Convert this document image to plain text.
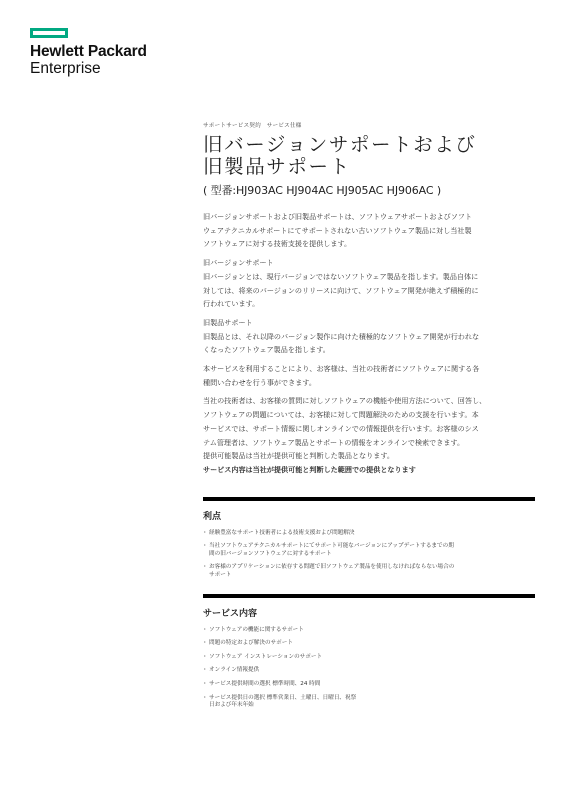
Hewlett Packard
Enterprise
サポートサービス契約　サービス仕様
旧バージョンサポートおよび
旧製品サポート
( 型番:HJ903AC HJ904AC HJ905AC HJ906AC )

旧バージョンサポートおよび旧製品サポートは、ソフトウェアサポートおよびソフト

ウェアテクニカルサポートにてサポートされない古いソフトウェア製品に対し当社製

ソフトウェアに対する技術支援を提供します。

旧バージョンサポート

旧バージョンとは、現行バージョンではないソフトウェア製品を指します。製品自体に

対しては、将来のバージョンのリリースに向けて、ソフトウェア開発が絶えず積極的に

行われています。

旧製品サポート

旧製品とは、それ以降のバージョン製作に向けた積極的なソフトウェア開発が行われな

くなったソフトウェア製品を指します。

本サービスを利用することにより、お客様は、当社の技術者にソフトウェアに関する各

種問い合わせを行う事ができます。

当社の技術者は、お客様の質問に対しソフトウェアの機能や使用方法について、回答し、

ソフトウェアの問題については、お客様に対して問題解決のための支援を行います。本

サービスでは、サポート情報に関しオンラインでの情報提供を行います。お客様のシス

テム管理者は、ソフトウェア製品とサポートの情報をオンラインで検索できます。

提供可能製品は当社が提供可能と判断した製品となります。

サービス内容は当社が提供可能と判断した範囲での提供となります

利点
・ 経験豊富なサポート技術者による技術支援および問題解決
・ 当社ソフトウェアテクニカルサポートにてサポート可能なバージョンにアップデートするまでの期
間の旧バージョンソフトウェアに対するサポート
・ お客様のアプリケーションに依存する問題で旧ソフトウェア製品を使用しなければならない場合の
サポート
サービス内容
・ ソフトウェアの機能に関するサポート
・ 問題の特定および解決のサポート
・ ソフトウェア インストレーションのサポート
・ オンライン情報提供
・ サービス提供時間の選択 標準時間、24 時間
・ サービス提供日の選択 標準営業日、土曜日、日曜日、祝祭
日および年末年始
